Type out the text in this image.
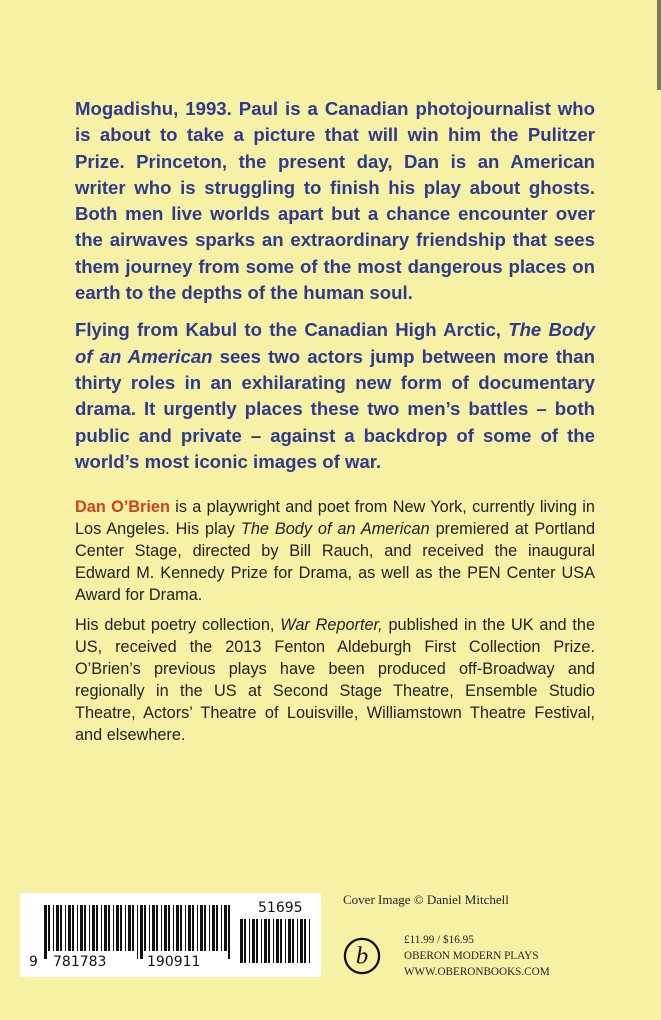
Mogadishu, 1993. Paul is a Canadian photojournalist who is about to take a picture that will win him the Pulitzer Prize. Princeton, the present day, Dan is an American writer who is struggling to finish his play about ghosts. Both men live worlds apart but a chance encounter over the airwaves sparks an extraordinary friendship that sees them journey from some of the most dangerous places on earth to the depths of the human soul.

Flying from Kabul to the Canadian High Arctic, The Body of an American sees two actors jump between more than thirty roles in an exhilarating new form of documentary drama. It urgently places these two men’s battles – both public and private – against a backdrop of some of the world’s most iconic images of war.

Dan O’Brien is a playwright and poet from New York, currently living in Los Angeles. His play The Body of an American premiered at Portland Center Stage, directed by Bill Rauch, and received the inaugural Edward M. Kennedy Prize for Drama, as well as the PEN Center USA Award for Drama.

His debut poetry collection, War Reporter, published in the UK and the US, received the 2013 Fenton Aldeburgh First Collection Prize. O’Brien’s previous plays have been produced off-Broadway and regionally in the US at Second Stage Theatre, Ensemble Studio Theatre, Actors’ Theatre of Louisville, Williamstown Theatre Festival, and elsewhere.

9 781783	190911
51695
Cover Image © Daniel Mitchell
b
£11.99 / $16.95
OBERON MODERN PLAYS
WWW.OBERONBOOKS.COM
